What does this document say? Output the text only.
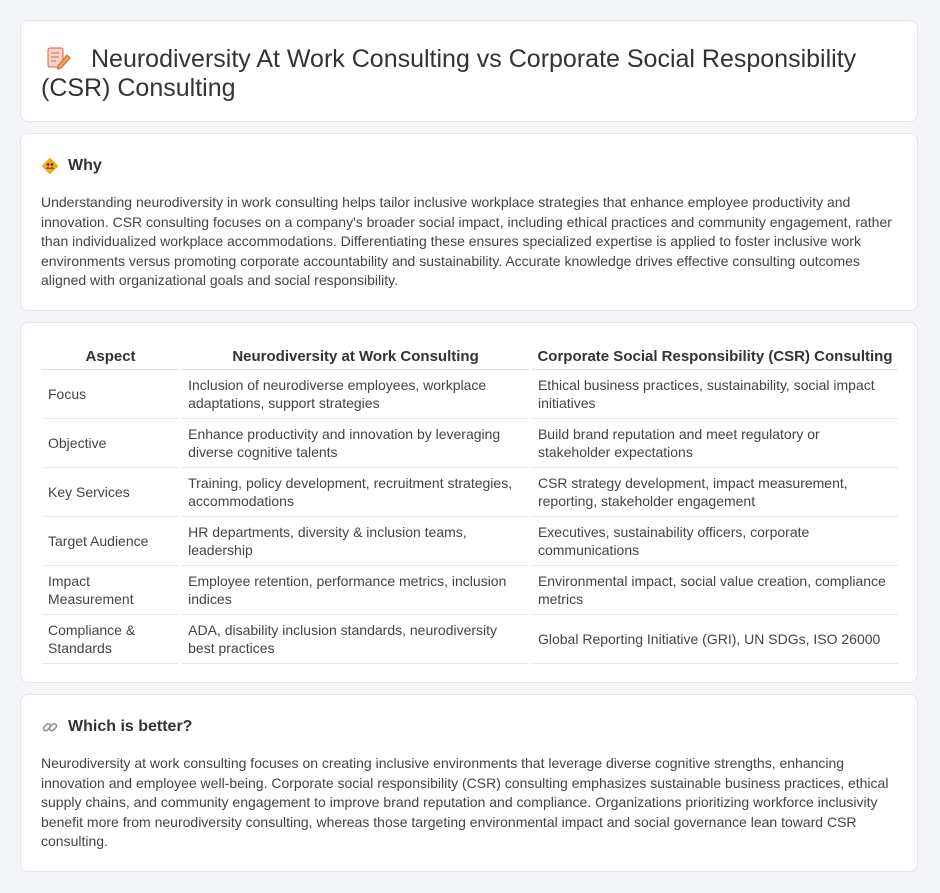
Neurodiversity At Work Consulting vs Corporate Social Responsibility (CSR) Consulting
Why

Understanding neurodiversity in work consulting helps tailor inclusive workplace strategies that enhance employee productivity and innovation. CSR consulting focuses on a company's broader social impact, including ethical practices and community engagement, rather than individualized workplace accommodations. Differentiating these ensures specialized expertise is applied to foster inclusive work environments versus promoting corporate accountability and sustainability. Accurate knowledge drives effective consulting outcomes aligned with organizational goals and social responsibility.

Aspect		Neurodiversity at Work Consulting		Corporate Social Responsibility (CSR) Consulting
Focus		Inclusion of neurodiverse employees, workplace adaptations, support strategies		Ethical business practices, sustainability, social impact initiatives
Objective		Enhance productivity and innovation by leveraging diverse cognitive talents		Build brand reputation and meet regulatory or stakeholder expectations
Key Services		Training, policy development, recruitment strategies, accommodations		CSR strategy development, impact measurement, reporting, stakeholder engagement
Target Audience		HR departments, diversity & inclusion teams, leadership		Executives, sustainability officers, corporate communications
Impact Measurement		Employee retention, performance metrics, inclusion indices		Environmental impact, social value creation, compliance metrics
Compliance & Standards		ADA, disability inclusion standards, neurodiversity best practices		Global Reporting Initiative (GRI), UN SDGs, ISO 26000
Which is better?

Neurodiversity at work consulting focuses on creating inclusive environments that leverage diverse cognitive strengths, enhancing innovation and employee well-being. Corporate social responsibility (CSR) consulting emphasizes sustainable business practices, ethical supply chains, and community engagement to improve brand reputation and compliance. Organizations prioritizing workforce inclusivity benefit more from neurodiversity consulting, whereas those targeting environmental impact and social governance lean toward CSR consulting.
